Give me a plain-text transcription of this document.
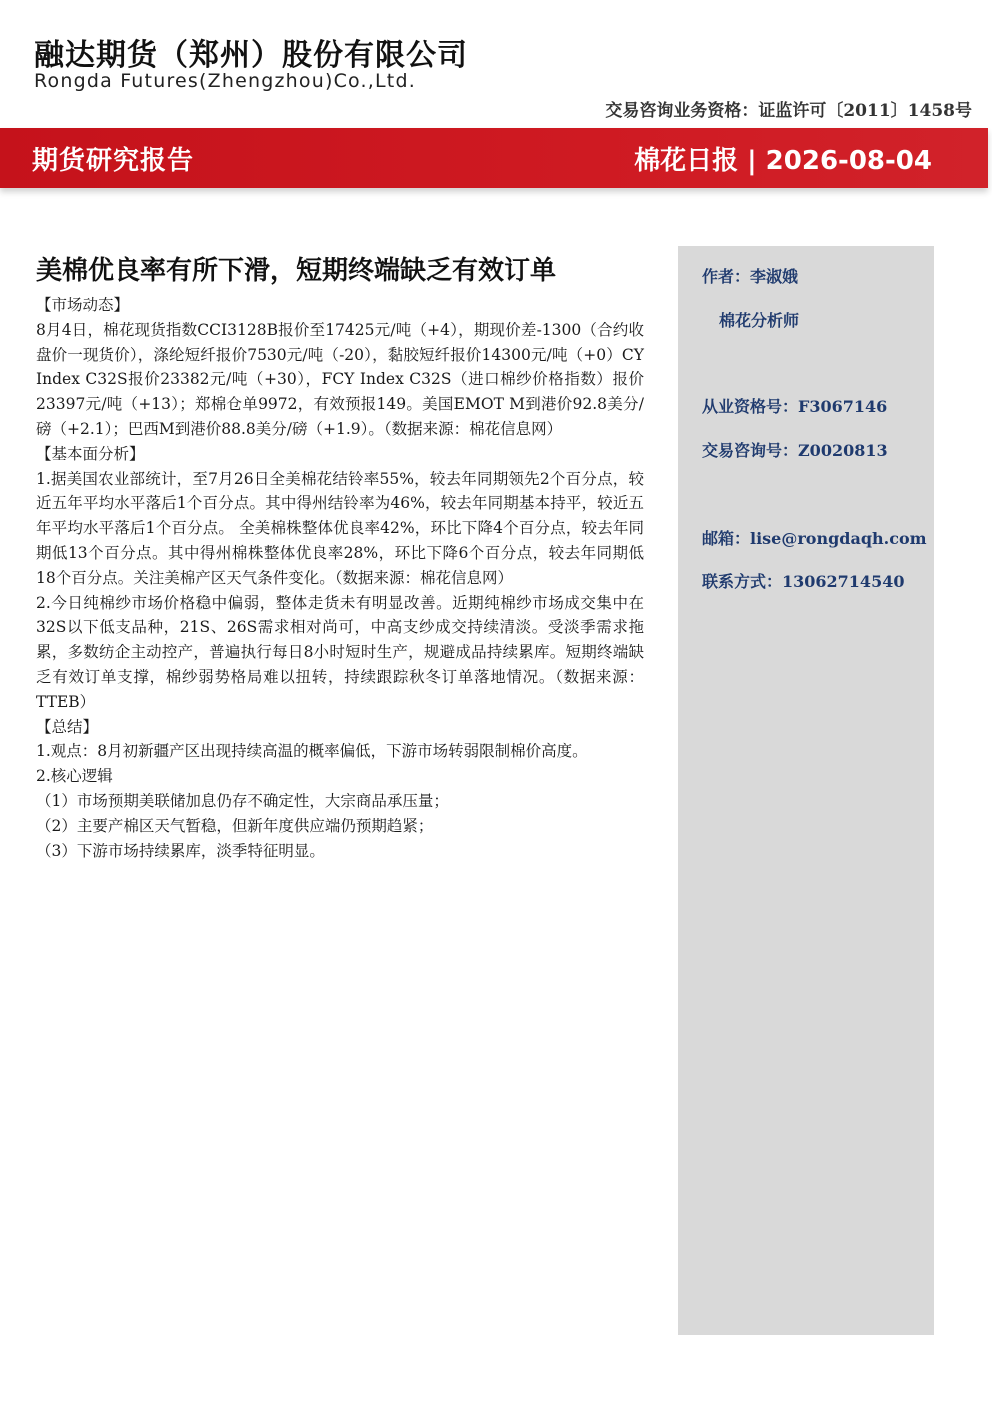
融达期货（郑州）股份有限公司
Rongda Futures(Zhengzhou)Co.,Ltd.
交易咨询业务资格：证监许可〔2011〕1458号
期货研究报告	棉花日报 | 2026-08-04
美棉优良率有所下滑，短期终端缺乏有效订单

【市场动态】

8月4日，棉花现货指数CCI3128B报价至17425元/吨（+4），期现价差-1300（合约收盘价一现货价），涤纶短纤报价7530元/吨（-20），黏胶短纤报价14300元/吨（+0）CY Index C32S报价23382元/吨（+30），FCY Index C32S（进口棉纱价格指数）报价23397元/吨（+13）；郑棉仓单9972，有效预报149。美国EMOT M到港价92.8美分/磅（+2.1）；巴西M到港价88.8美分/磅（+1.9）。（数据来源：棉花信息网）

【基本面分析】

1.据美国农业部统计，至7月26日全美棉花结铃率55%，较去年同期领先2个百分点，较近五年平均水平落后1个百分点。其中得州结铃率为46%，较去年同期基本持平，较近五年平均水平落后1个百分点。 全美棉株整体优良率42%，环比下降4个百分点，较去年同期低13个百分点。其中得州棉株整体优良率28%，环比下降6个百分点，较去年同期低18个百分点。关注美棉产区天气条件变化。（数据来源：棉花信息网）

2.今日纯棉纱市场价格稳中偏弱，整体走货未有明显改善。近期纯棉纱市场成交集中在32S以下低支品种，21S、26S需求相对尚可，中高支纱成交持续清淡。受淡季需求拖累，多数纺企主动控产，普遍执行每日8小时短时生产，规避成品持续累库。短期终端缺乏有效订单支撑，棉纱弱势格局难以扭转，持续跟踪秋冬订单落地情况。（数据来源：TTEB）

【总结】

1.观点：8月初新疆产区出现持续高温的概率偏低，下游市场转弱限制棉价高度。

2.核心逻辑

（1）市场预期美联储加息仍存不确定性，大宗商品承压量；

（2）主要产棉区天气暂稳，但新年度供应端仍预期趋紧；

（3）下游市场持续累库，淡季特征明显。

作者：李淑娥
棉花分析师
从业资格号：F3067146
交易咨询号：Z0020813
邮箱：lise@rongdaqh.com
联系方式：13062714540
